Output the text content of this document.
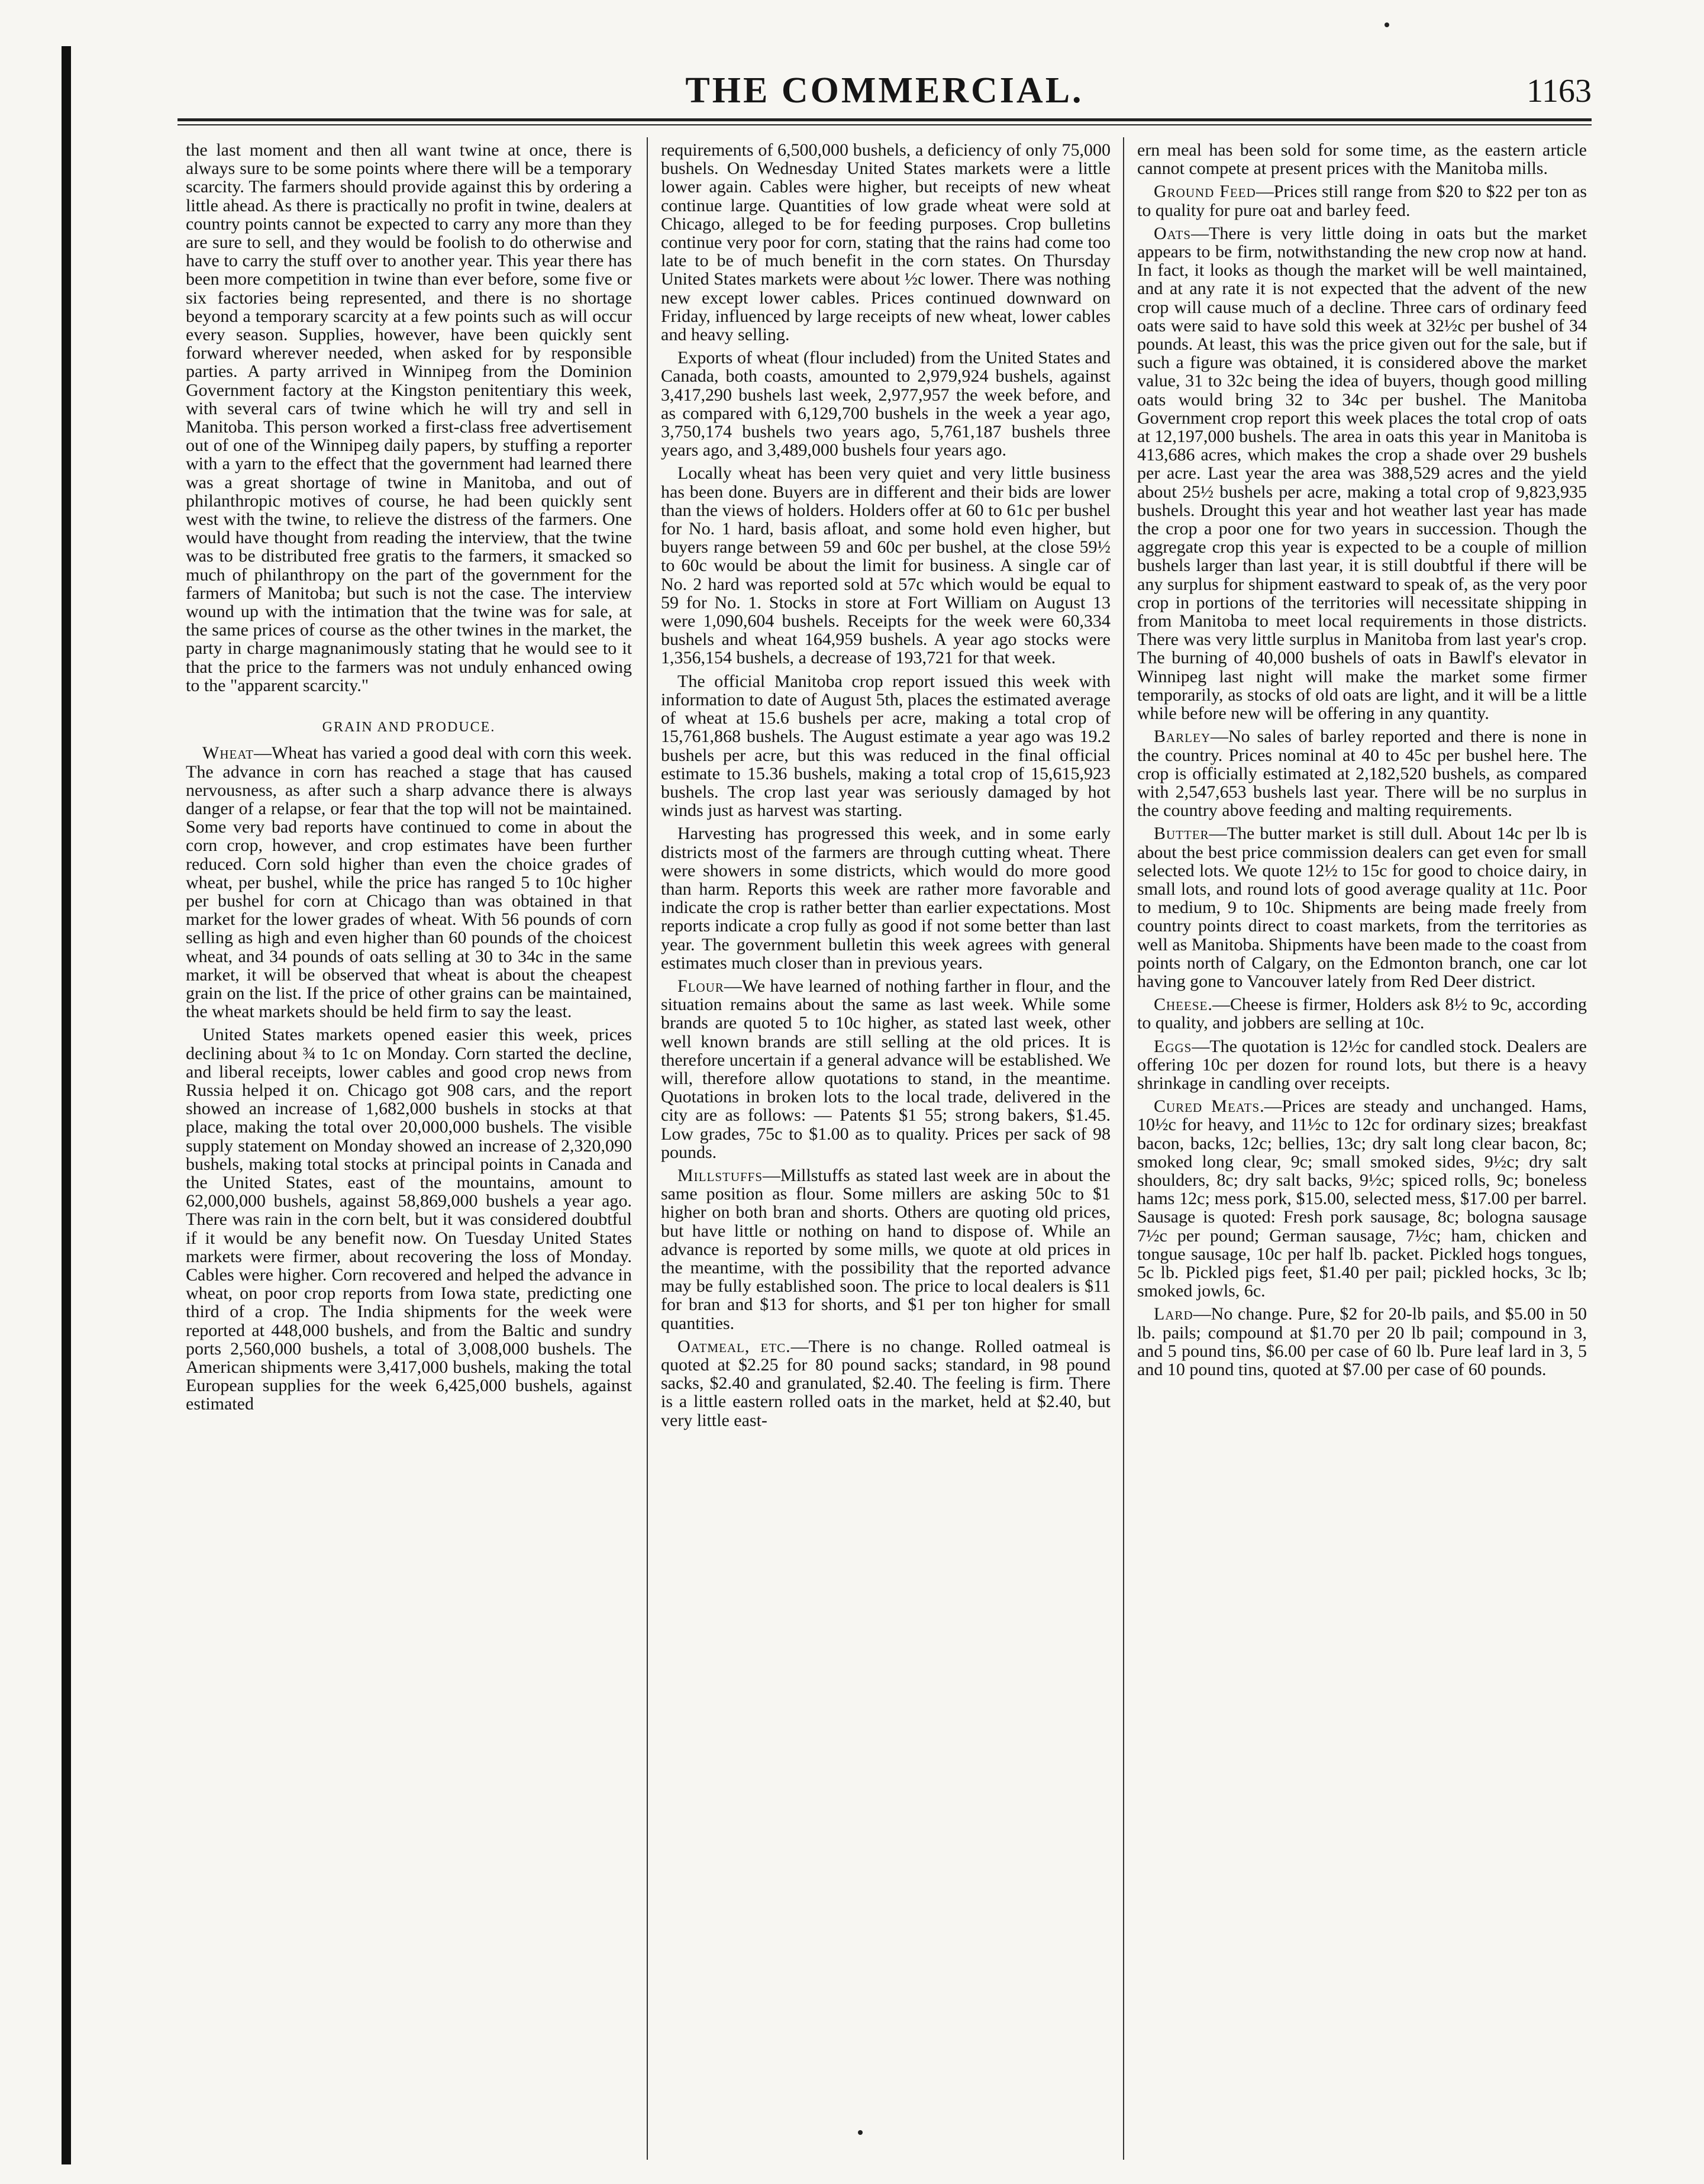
THE COMMERCIAL.	1163

the last moment and then all want twine at once, there is always sure to be some points where there will be a temporary scarcity. The farmers should provide against this by ordering a little ahead. As there is practically no profit in twine, dealers at country points cannot be expected to carry any more than they are sure to sell, and they would be foolish to do otherwise and have to carry the stuff over to another year. This year there has been more competition in twine than ever before, some five or six factories being represented, and there is no shortage beyond a temporary scarcity at a few points such as will occur every season. Supplies, however, have been quickly sent forward wherever needed, when asked for by responsible parties. A party arrived in Winnipeg from the Dominion Government factory at the Kingston penitentiary this week, with several cars of twine which he will try and sell in Manitoba. This person worked a first-class free advertisement out of one of the Winnipeg daily papers, by stuffing a reporter with a yarn to the effect that the government had learned there was a great shortage of twine in Manitoba, and out of philanthropic motives of course, he had been quickly sent west with the twine, to relieve the distress of the farmers. One would have thought from reading the interview, that the twine was to be distributed free gratis to the farmers, it smacked so much of philanthropy on the part of the government for the farmers of Manitoba; but such is not the case. The interview wound up with the intimation that the twine was for sale, at the same prices of course as the other twines in the market, the party in charge magnanimously stating that he would see to it that the price to the farmers was not unduly enhanced owing to the "apparent scarcity."

GRAIN AND PRODUCE.

Wheat—Wheat has varied a good deal with corn this week. The advance in corn has reached a stage that has caused nervousness, as after such a sharp advance there is always danger of a relapse, or fear that the top will not be maintained. Some very bad reports have continued to come in about the corn crop, however, and crop estimates have been further reduced. Corn sold higher than even the choice grades of wheat, per bushel, while the price has ranged 5 to 10c higher per bushel for corn at Chicago than was obtained in that market for the lower grades of wheat. With 56 pounds of corn selling as high and even higher than 60 pounds of the choicest wheat, and 34 pounds of oats selling at 30 to 34c in the same market, it will be observed that wheat is about the cheapest grain on the list. If the price of other grains can be maintained, the wheat markets should be held firm to say the least.

United States markets opened easier this week, prices declining about ¾ to 1c on Monday. Corn started the decline, and liberal receipts, lower cables and good crop news from Russia helped it on. Chicago got 908 cars, and the report showed an increase of 1,682,000 bushels in stocks at that place, making the total over 20,000,000 bushels. The visible supply statement on Monday showed an increase of 2,320,090 bushels, making total stocks at principal points in Canada and the United States, east of the mountains, amount to 62,000,000 bushels, against 58,869,000 bushels a year ago. There was rain in the corn belt, but it was considered doubtful if it would be any benefit now. On Tuesday United States markets were firmer, about recovering the loss of Monday. Cables were higher. Corn recovered and helped the advance in wheat, on poor crop reports from Iowa state, predicting one third of a crop. The India shipments for the week were reported at 448,000 bushels, and from the Baltic and sundry ports 2,560,000 bushels, a total of 3,008,000 bushels. The American shipments were 3,417,000 bushels, making the total European supplies for the week 6,425,000 bushels, against estimated

requirements of 6,500,000 bushels, a deficiency of only 75,000 bushels. On Wednesday United States markets were a little lower again. Cables were higher, but receipts of new wheat continue large. Quantities of low grade wheat were sold at Chicago, alleged to be for feeding purposes. Crop bulletins continue very poor for corn, stating that the rains had come too late to be of much benefit in the corn states. On Thursday United States markets were about ½c lower. There was nothing new except lower cables. Prices continued downward on Friday, influenced by large receipts of new wheat, lower cables and heavy selling.

Exports of wheat (flour included) from the United States and Canada, both coasts, amounted to 2,979,924 bushels, against 3,417,290 bushels last week, 2,977,957 the week before, and as compared with 6,129,700 bushels in the week a year ago, 3,750,174 bushels two years ago, 5,761,187 bushels three years ago, and 3,489,000 bushels four years ago.

Locally wheat has been very quiet and very little business has been done. Buyers are in different and their bids are lower than the views of holders. Holders offer at 60 to 61c per bushel for No. 1 hard, basis afloat, and some hold even higher, but buyers range between 59 and 60c per bushel, at the close 59½ to 60c would be about the limit for business. A single car of No. 2 hard was reported sold at 57c which would be equal to 59 for No. 1. Stocks in store at Fort William on August 13 were 1,090,604 bushels. Receipts for the week were 60,334 bushels and wheat 164,959 bushels. A year ago stocks were 1,356,154 bushels, a decrease of 193,721 for that week.

The official Manitoba crop report issued this week with information to date of August 5th, places the estimated average of wheat at 15.6 bushels per acre, making a total crop of 15,761,868 bushels. The August estimate a year ago was 19.2 bushels per acre, but this was reduced in the final official estimate to 15.36 bushels, making a total crop of 15,615,923 bushels. The crop last year was seriously damaged by hot winds just as harvest was starting.

Harvesting has progressed this week, and in some early districts most of the farmers are through cutting wheat. There were showers in some districts, which would do more good than harm. Reports this week are rather more favorable and indicate the crop is rather better than earlier expectations. Most reports indicate a crop fully as good if not some better than last year. The government bulletin this week agrees with general estimates much closer than in previous years.

Flour—We have learned of nothing farther in flour, and the situation remains about the same as last week. While some brands are quoted 5 to 10c higher, as stated last week, other well known brands are still selling at the old prices. It is therefore uncertain if a general advance will be established. We will, therefore allow quotations to stand, in the meantime. Quotations in broken lots to the local trade, delivered in the city are as follows: — Patents $1 55; strong bakers, $1.45. Low grades, 75c to $1.00 as to quality. Prices per sack of 98 pounds.

Millstuffs—Millstuffs as stated last week are in about the same position as flour. Some millers are asking 50c to $1 higher on both bran and shorts. Others are quoting old prices, but have little or nothing on hand to dispose of. While an advance is reported by some mills, we quote at old prices in the meantime, with the possibility that the reported advance may be fully established soon. The price to local dealers is $11 for bran and $13 for shorts, and $1 per ton higher for small quantities.

Oatmeal, etc.—There is no change. Rolled oatmeal is quoted at $2.25 for 80 pound sacks; standard, in 98 pound sacks, $2.40 and granulated, $2.40. The feeling is firm. There is a little eastern rolled oats in the market, held at $2.40, but very little east-

ern meal has been sold for some time, as the eastern article cannot compete at present prices with the Manitoba mills.

Ground Feed—Prices still range from $20 to $22 per ton as to quality for pure oat and barley feed.

Oats—There is very little doing in oats but the market appears to be firm, notwithstanding the new crop now at hand. In fact, it looks as though the market will be well maintained, and at any rate it is not expected that the advent of the new crop will cause much of a decline. Three cars of ordinary feed oats were said to have sold this week at 32½c per bushel of 34 pounds. At least, this was the price given out for the sale, but if such a figure was obtained, it is considered above the market value, 31 to 32c being the idea of buyers, though good milling oats would bring 32 to 34c per bushel. The Manitoba Government crop report this week places the total crop of oats at 12,197,000 bushels. The area in oats this year in Manitoba is 413,686 acres, which makes the crop a shade over 29 bushels per acre. Last year the area was 388,529 acres and the yield about 25½ bushels per acre, making a total crop of 9,823,935 bushels. Drought this year and hot weather last year has made the crop a poor one for two years in succession. Though the aggregate crop this year is expected to be a couple of million bushels larger than last year, it is still doubtful if there will be any surplus for shipment eastward to speak of, as the very poor crop in portions of the territories will necessitate shipping in from Manitoba to meet local requirements in those districts. There was very little surplus in Manitoba from last year's crop. The burning of 40,000 bushels of oats in Bawlf's elevator in Winnipeg last night will make the market some firmer temporarily, as stocks of old oats are light, and it will be a little while before new will be offering in any quantity.

Barley—No sales of barley reported and there is none in the country. Prices nominal at 40 to 45c per bushel here. The crop is officially estimated at 2,182,520 bushels, as compared with 2,547,653 bushels last year. There will be no surplus in the country above feeding and malting requirements.

Butter—The butter market is still dull. About 14c per lb is about the best price commission dealers can get even for small selected lots. We quote 12½ to 15c for good to choice dairy, in small lots, and round lots of good average quality at 11c. Poor to medium, 9 to 10c. Shipments are being made freely from country points direct to coast markets, from the territories as well as Manitoba. Shipments have been made to the coast from points north of Calgary, on the Edmonton branch, one car lot having gone to Vancouver lately from Red Deer district.

Cheese.—Cheese is firmer, Holders ask 8½ to 9c, according to quality, and jobbers are selling at 10c.

Eggs—The quotation is 12½c for candled stock. Dealers are offering 10c per dozen for round lots, but there is a heavy shrinkage in candling over receipts.

Cured Meats.—Prices are steady and unchanged. Hams, 10½c for heavy, and 11½c to 12c for ordinary sizes; breakfast bacon, backs, 12c; bellies, 13c; dry salt long clear bacon, 8c; smoked long clear, 9c; small smoked sides, 9½c; dry salt shoulders, 8c; dry salt backs, 9½c; spiced rolls, 9c; boneless hams 12c; mess pork, $15.00, selected mess, $17.00 per barrel. Sausage is quoted: Fresh pork sausage, 8c; bologna sausage 7½c per pound; German sausage, 7½c; ham, chicken and tongue sausage, 10c per half lb. packet. Pickled hogs tongues, 5c lb. Pickled pigs feet, $1.40 per pail; pickled hocks, 3c lb; smoked jowls, 6c.

Lard—No change. Pure, $2 for 20-lb pails, and $5.00 in 50 lb. pails; compound at $1.70 per 20 lb pail; compound in 3, and 5 pound tins, $6.00 per case of 60 lb. Pure leaf lard in 3, 5 and 10 pound tins, quoted at $7.00 per case of 60 pounds.
